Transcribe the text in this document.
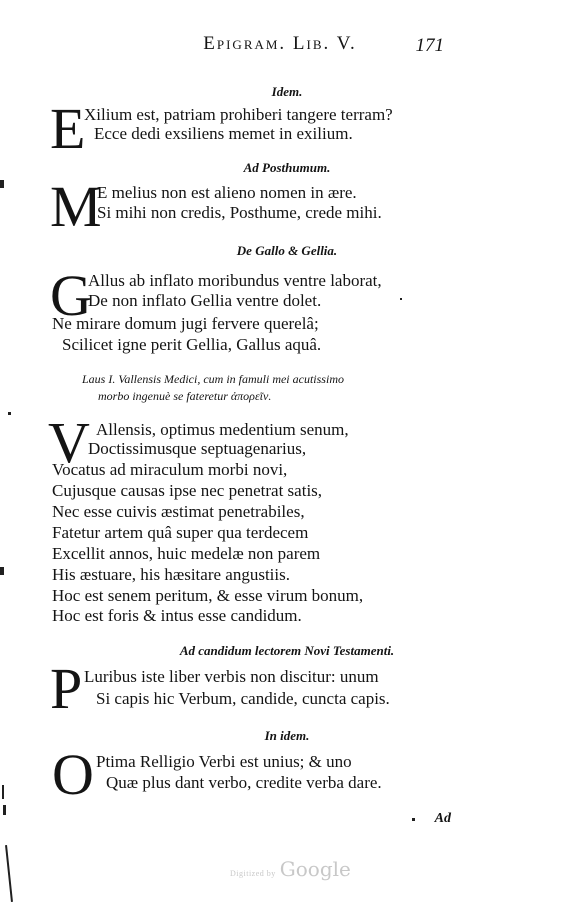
Epigram. Lib. V.	171
Idem.
E
Xilium est, patriam prohiberi tangere terram?
Ecce dedi exsiliens memet in exilium.
Ad Posthumum.
M
E melius non est alieno nomen in ære.
Si mihi non credis, Posthume, crede mihi.
De Gallo & Gellia.
G
Allus ab inflato moribundus ventre laborat,
De non inflato Gellia ventre dolet.
Ne mirare domum jugi fervere querelâ;
Scilicet igne perit Gellia, Gallus aquâ.
Laus I. Vallensis Medici, cum in famuli mei acutissimo
morbo ingenuè se fateretur ἀπορεῖν.
V Allensis, optimus medentium senum,
Doctissimusque septuagenarius,
Vocatus ad miraculum morbi novi,
Cujusque causas ipse nec penetrat satis,
Nec esse cuivis æstimat penetrabiles,
Fatetur artem quâ super qua terdecem
Excellit annos, huic medelæ non parem
His æstuare, his hæsitare angustiis.
Hoc est senem peritum, & esse virum bonum,
Hoc est foris & intus esse candidum.
Ad candidum lectorem Novi Testamenti.
P Luribus iste liber verbis non discitur: unum
Si capis hic Verbum, candide, cuncta capis.
In idem.
O Ptima Relligio Verbi est unius; & uno
Quæ plus dant verbo, credite verba dare.
Ad
Digitized by Google
